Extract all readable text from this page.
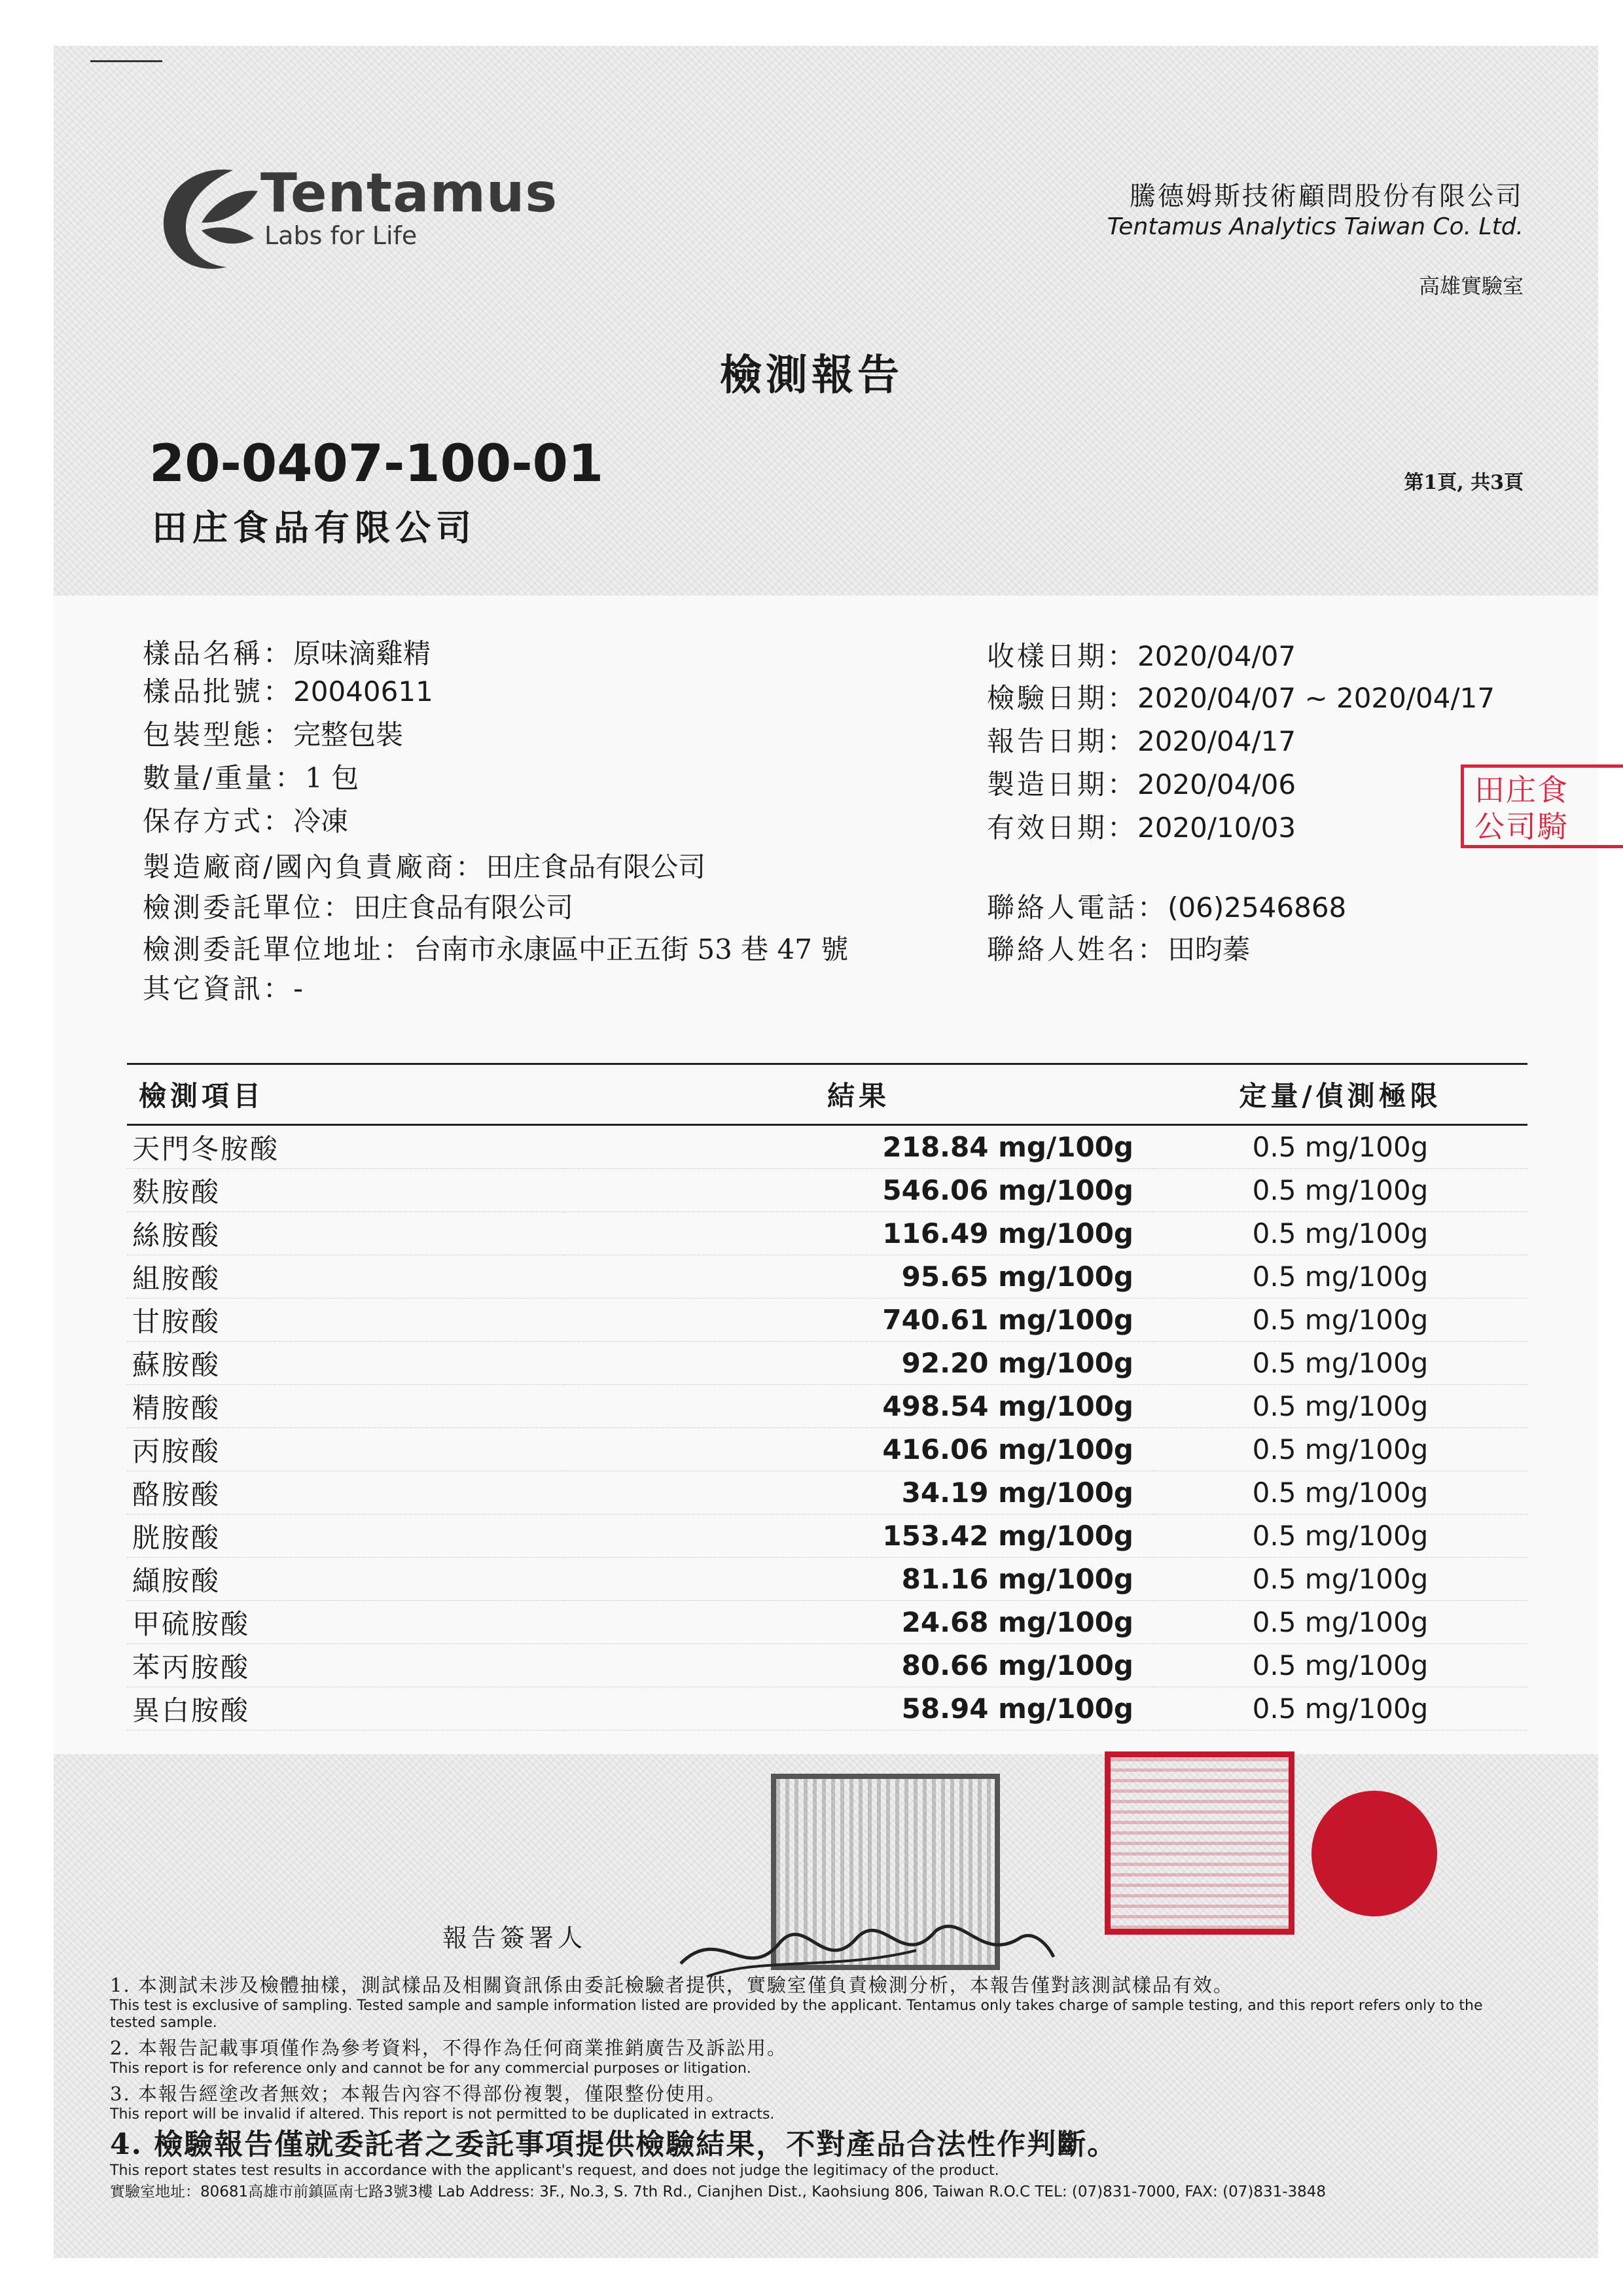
Tentamus
Labs for Life
騰德姆斯技術顧問股份有限公司
Tentamus Analytics Taiwan Co. Ltd.
高雄實驗室
檢測報告
20-0407-100-01
田庄食品有限公司
第1頁, 共3頁
樣品名稱：原味滴雞精
樣品批號：20040611
包裝型態：完整包裝
數量/重量：1 包
保存方式：冷凍
製造廠商/國內負責廠商：田庄食品有限公司
檢測委託單位：田庄食品有限公司
檢測委託單位地址：台南市永康區中正五街 53 巷 47 號
其它資訊：-
收樣日期：2020/04/07
檢驗日期：2020/04/07 ~ 2020/04/17
報告日期：2020/04/17
製造日期：2020/04/06
有效日期：2020/10/03
聯絡人電話：(06)2546868
聯絡人姓名：田昀蓁
田庄食
公司騎
檢測項目	結果	定量/偵測極限
天門冬胺酸	218.84 mg/100g	0.5 mg/100g
麩胺酸	546.06 mg/100g	0.5 mg/100g
絲胺酸	116.49 mg/100g	0.5 mg/100g
組胺酸	95.65 mg/100g	0.5 mg/100g
甘胺酸	740.61 mg/100g	0.5 mg/100g
蘇胺酸	92.20 mg/100g	0.5 mg/100g
精胺酸	498.54 mg/100g	0.5 mg/100g
丙胺酸	416.06 mg/100g	0.5 mg/100g
酪胺酸	34.19 mg/100g	0.5 mg/100g
胱胺酸	153.42 mg/100g	0.5 mg/100g
纈胺酸	81.16 mg/100g	0.5 mg/100g
甲硫胺酸	24.68 mg/100g	0.5 mg/100g
苯丙胺酸	80.66 mg/100g	0.5 mg/100g
異白胺酸	58.94 mg/100g	0.5 mg/100g
報告簽署人
1. 本測試未涉及檢體抽樣，測試樣品及相關資訊係由委託檢驗者提供，實驗室僅負責檢測分析，本報告僅對該測試樣品有效。
This test is exclusive of sampling. Tested sample and sample information listed are provided by the applicant. Tentamus only takes charge of sample testing, and this report refers only to the tested sample.
2. 本報告記載事項僅作為參考資料，不得作為任何商業推銷廣告及訴訟用。
This report is for reference only and cannot be for any commercial purposes or litigation.
3. 本報告經塗改者無效；本報告內容不得部份複製，僅限整份使用。
This report will be invalid if altered. This report is not permitted to be duplicated in extracts.
4. 檢驗報告僅就委託者之委託事項提供檢驗結果，不對產品合法性作判斷。
This report states test results in accordance with the applicant's request, and does not judge the legitimacy of the product.
實驗室地址：80681高雄市前鎮區南七路3號3樓 Lab Address: 3F., No.3, S. 7th Rd., Cianjhen Dist., Kaohsiung 806, Taiwan R.O.C TEL: (07)831-7000, FAX: (07)831-3848
